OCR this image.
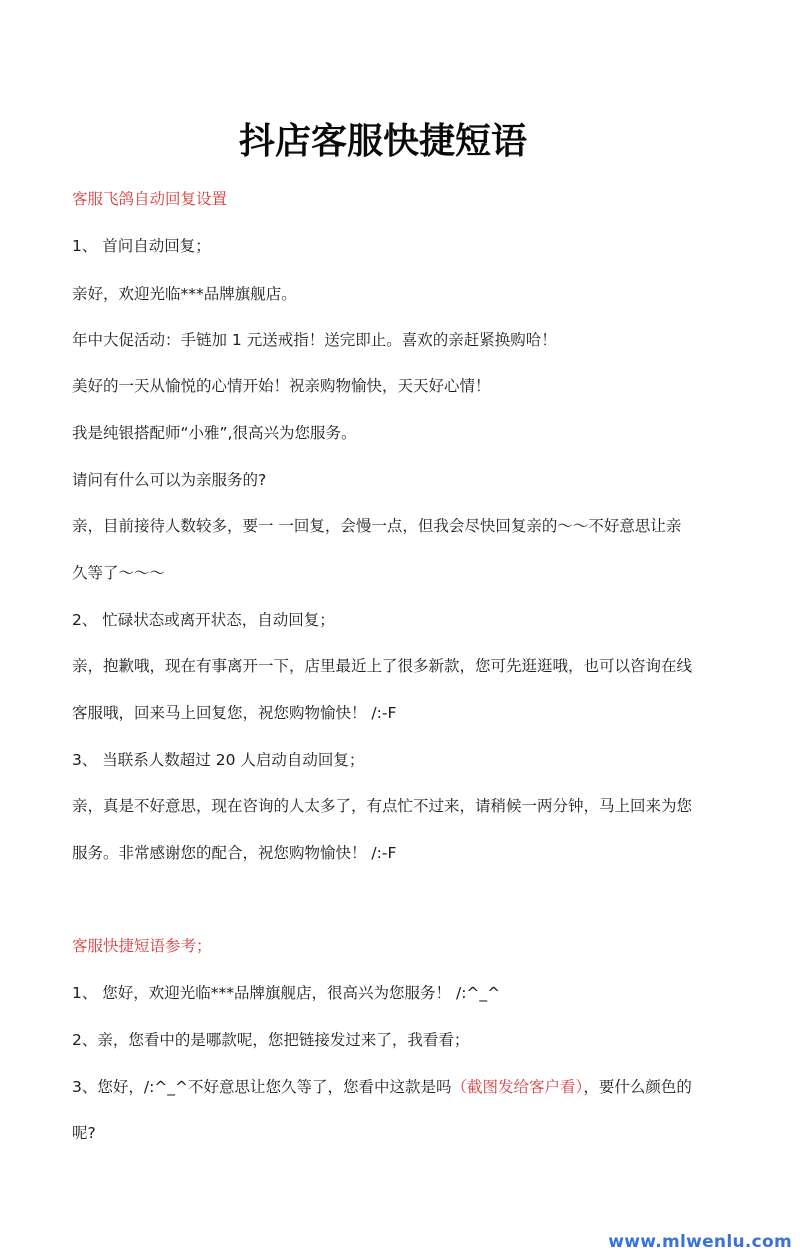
抖店客服快捷短语
客服飞鸽自动回复设置
1、 首问自动回复；
亲好，欢迎光临***品牌旗舰店。
年中大促活动：手链加 1 元送戒指！送完即止。喜欢的亲赶紧换购哈！
美好的一天从愉悦的心情开始！祝亲购物愉快，天天好心情！
我是纯银搭配师“小雅”,很高兴为您服务。
请问有什么可以为亲服务的?
亲，目前接待人数较多，要一 一回复，会慢一点，但我会尽快回复亲的～～不好意思让亲
久等了～～～
2、 忙碌状态或离开状态，自动回复；
亲，抱歉哦，现在有事离开一下，店里最近上了很多新款，您可先逛逛哦，也可以咨询在线
客服哦，回来马上回复您，祝您购物愉快！ /:-F
3、 当联系人数超过 20 人启动自动回复；
亲，真是不好意思，现在咨询的人太多了，有点忙不过来，请稍候一两分钟，马上回来为您
服务。非常感谢您的配合，祝您购物愉快！ /:-F
客服快捷短语参考；
1、 您好，欢迎光临***品牌旗舰店，很高兴为您服务！ /:^_^
2、亲，您看中的是哪款呢，您把链接发过来了，我看看；
3、您好，/:^_^不好意思让您久等了，您看中这款是吗（截图发给客户看），要什么颜色的
呢?
www.mlwenlu.com
